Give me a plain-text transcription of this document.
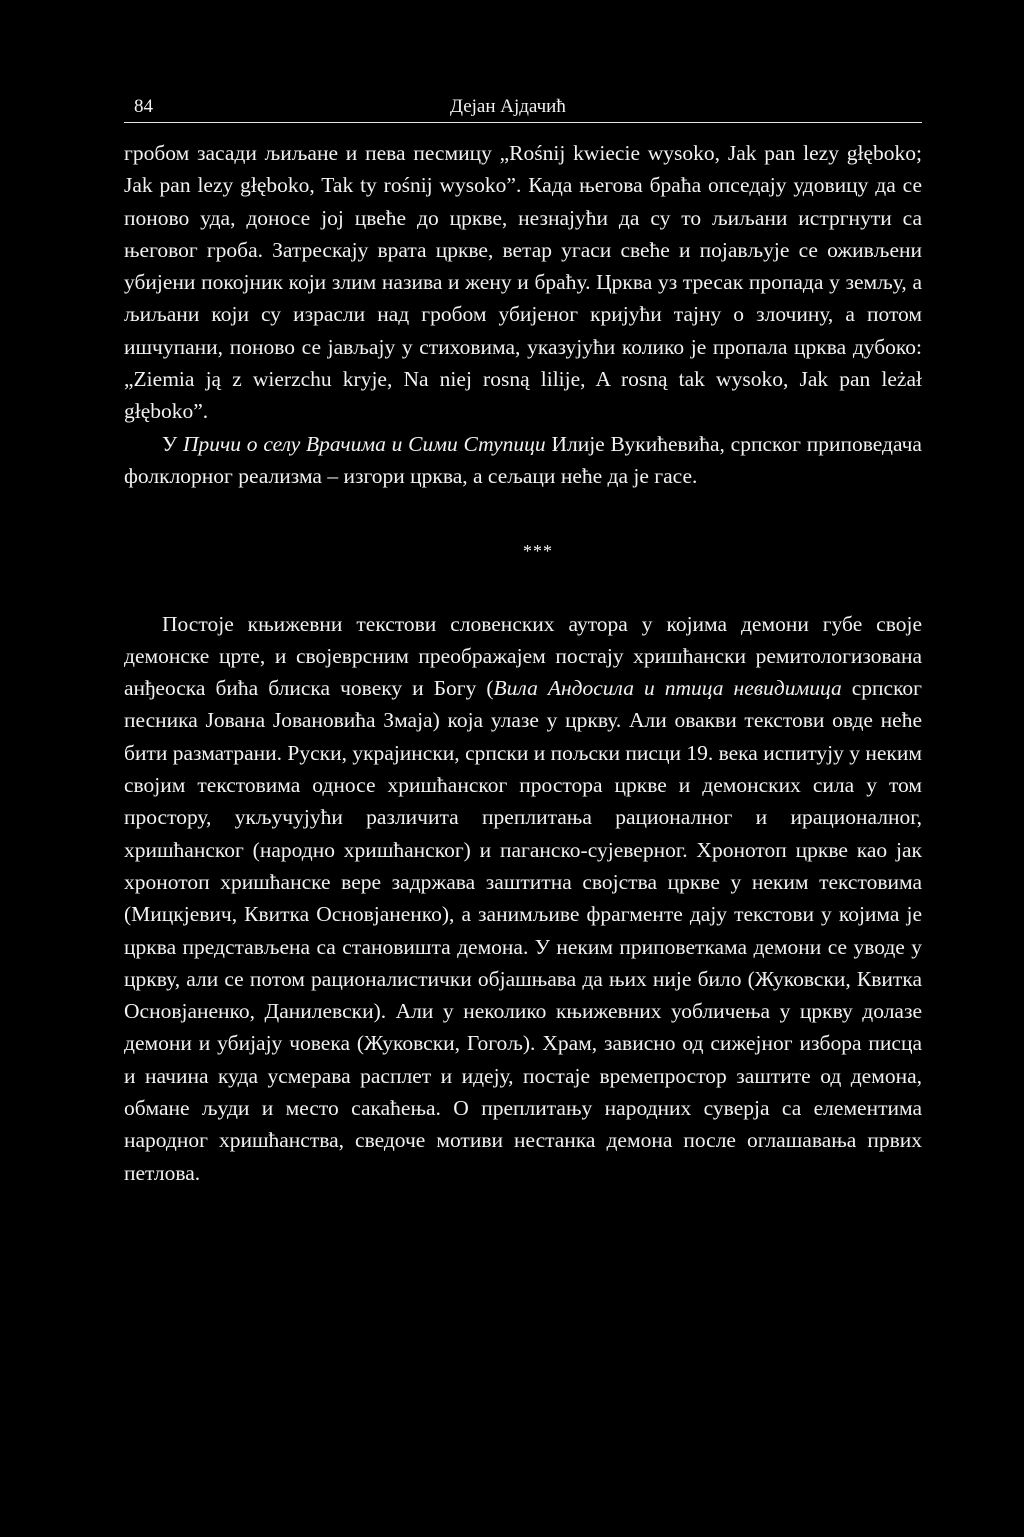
84	Дејан Ајдачић

гробом засади љиљане и пева песмицу „Rośnij kwiecie wysoko, Jak pan lezy głęboko; Jak pan lezy głęboko, Tak ty rośnij wysoko”. Када његова браћа опседају удовицу да се поново уда, доносе јој цвеће до цркве, незнајући да су то љиљани истргнути са његовог гроба. Затрескају врата цркве, ветар угаси свеће и појављује се оживљени убијени покојник који злим назива и жену и браћу. Црква уз тресак пропада у земљу, а љиљани који су израсли над гробом убијеног кријући тајну о злочину, а потом ишчупани, поново се јављају у стиховима, указујући колико је пропала црква дубоко: „Ziemia ją z wierzchu kryje, Na niej rosną lilije, A rosną tak wysoko, Jak pan leżał głęboko”.

У Причи о селу Врачима и Сими Ступици Илије Вукићевића, српског приповедача фолклорног реализма – изгори црква, а сељаци неће да је гасе.

***

Постоје књижевни текстови словенских аутора у којима демони губе своје демонске црте, и својеврсним преображајем постају хришћански ремитологизована анђеоска бића блиска човеку и Богу (Вила Андосила и птица невидимица српског песника Јована Јовановића Змаја) која улазе у цркву. Али овакви текстови овде неће бити разматрани. Руски, украјински, српски и пољски писци 19. века испитују у неким својим текстовима односе хришћанског простора цркве и демонских сила у том простору, укључујући различита преплитања рационалног и ирационалног, хришћанског (народно хришћанског) и паганско-сујеверног. Хронотоп цркве као јак хронотоп хришћанске вере задржава заштитна својства цркве у неким текстовима (Мицкјевич, Квитка Основјаненко), а занимљиве фрагменте дају текстови у којима је црква представљена са становишта демона. У неким приповеткама демони се уводе у цркву, али се потом рационалистички објашњава да њих није било (Жуковски, Квитка Основјаненко, Данилевски). Али у неколико књижевних уобличења у цркву долазе демони и убијају човека (Жуковски, Гогољ). Храм, зависно од сижејног избора писца и начина куда усмерава расплет и идеју, постаје времепростор заштите од демона, обмане људи и место сакаћења. О преплитању народних суверја са елементима народног хришћанства, сведоче мотиви нестанка демона после оглашавања првих петлова.
